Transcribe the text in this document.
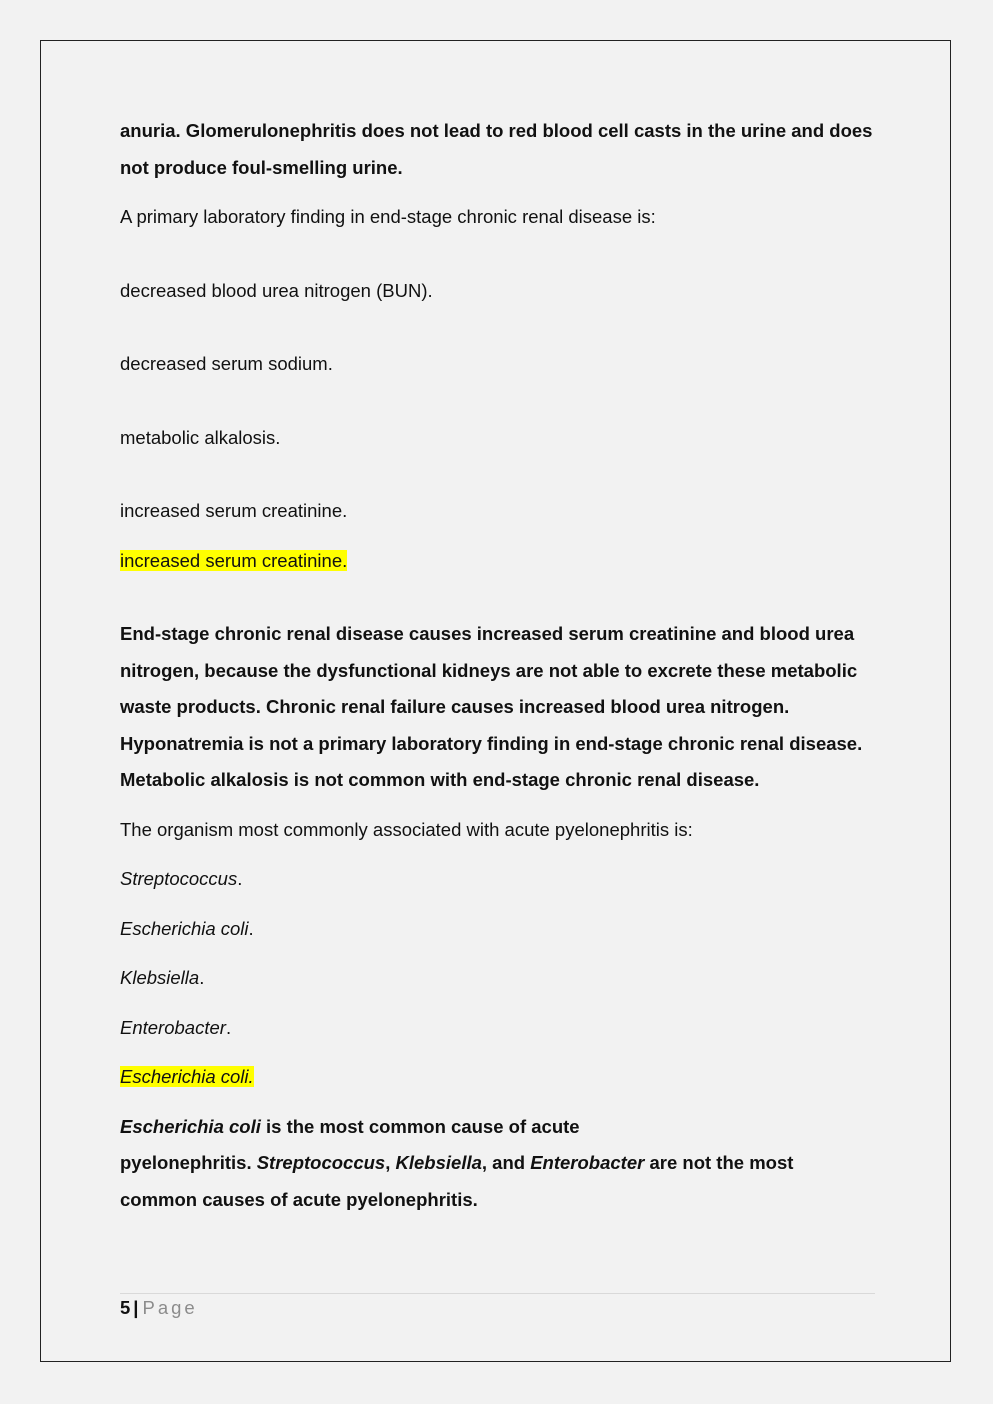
anuria. Glomerulonephritis does not lead to red blood cell casts in the urine and does not produce foul-smelling urine.

A primary laboratory finding in end-stage chronic renal disease is:

decreased blood urea nitrogen (BUN).

decreased serum sodium.

metabolic alkalosis.

increased serum creatinine.

increased serum creatinine.

End-stage chronic renal disease causes increased serum creatinine and blood urea nitrogen, because the dysfunctional kidneys are not able to excrete these metabolic waste products. Chronic renal failure causes increased blood urea nitrogen. Hyponatremia is not a primary laboratory finding in end-stage chronic renal disease. Metabolic alkalosis is not common with end-stage chronic renal disease.

The organism most commonly associated with acute pyelonephritis is:

Streptococcus.

Escherichia coli.

Klebsiella.

Enterobacter.

Escherichia coli.

Escherichia coli is the most common cause of acute
pyelonephritis. Streptococcus, Klebsiella, and Enterobacter are not the most common causes of acute pyelonephritis.

5 | Page
